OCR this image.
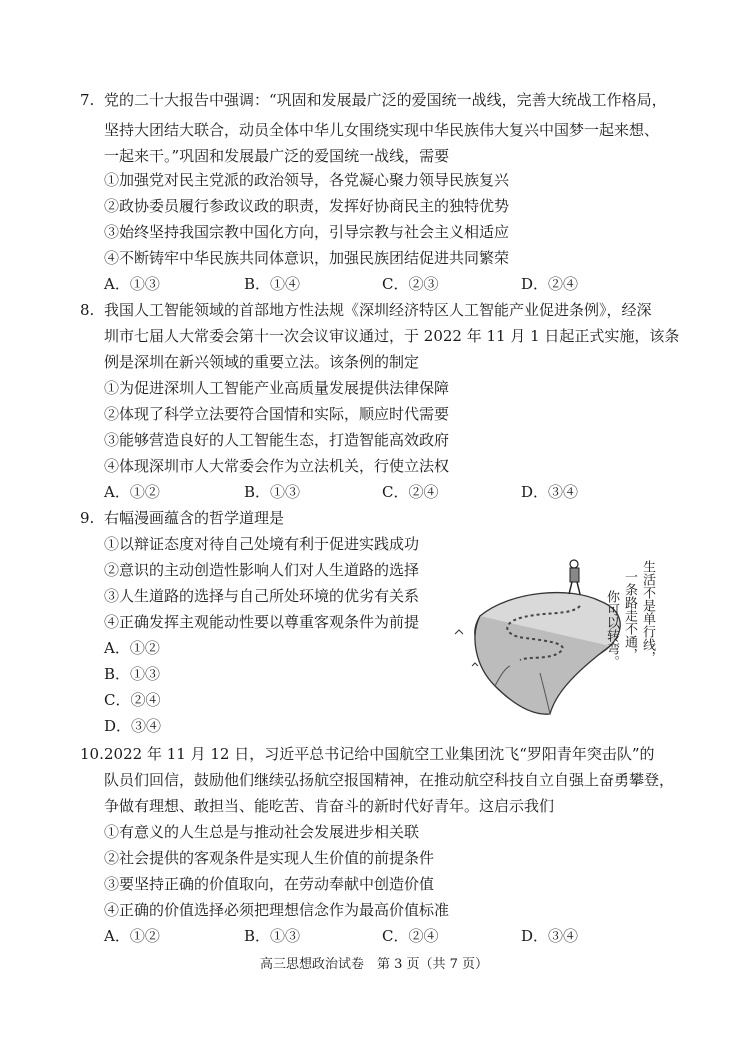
7. 党的二十大报告中强调：“巩固和发展最广泛的爱国统一战线，完善大统战工作格局，
坚持大团结大联合，动员全体中华儿女围绕实现中华民族伟大复兴中国梦一起来想、
一起来干。”巩固和发展最广泛的爱国统一战线，需要
①加强党对民主党派的政治领导，各党凝心聚力领导民族复兴
②政协委员履行参政议政的职责，发挥好协商民主的独特优势
③始终坚持我国宗教中国化方向，引导宗教与社会主义相适应
④不断铸牢中华民族共同体意识，加强民族团结促进共同繁荣
A．①③	B．①④	C．②③	D．②④
8. 我国人工智能领域的首部地方性法规《深圳经济特区人工智能产业促进条例》，经深
圳市七届人大常委会第十一次会议审议通过，于 2022 年 11 月 1 日起正式实施，该条
例是深圳在新兴领域的重要立法。该条例的制定
①为促进深圳人工智能产业高质量发展提供法律保障
②体现了科学立法要符合国情和实际，顺应时代需要
③能够营造良好的人工智能生态，打造智能高效政府
④体现深圳市人大常委会作为立法机关，行使立法权
A．①②	B．①③	C．②④	D．③④
9. 右幅漫画蕴含的哲学道理是
①以辩证态度对待自己处境有利于促进实践成功
②意识的主动创造性影响人们对人生道路的选择
③人生道路的选择与自己所处环境的优劣有关系
④正确发挥主观能动性要以尊重客观条件为前提
A．①②
B．①③
C．②④
D．③④
生活不是单行线，
一条路走不通，
你可以转弯。
10. 2022 年 11 月 12 日，习近平总书记给中国航空工业集团沈飞“罗阳青年突击队”的
队员们回信，鼓励他们继续弘扬航空报国精神，在推动航空科技自立自强上奋勇攀登，
争做有理想、敢担当、能吃苦、肯奋斗的新时代好青年。这启示我们
①有意义的人生总是与推动社会发展进步相关联
②社会提供的客观条件是实现人生价值的前提条件
③要坚持正确的价值取向，在劳动奉献中创造价值
④正确的价值选择必须把理想信念作为最高价值标准
A．①②	B．①③	C．②④	D．③④
高三思想政治试卷　第 3 页（共 7 页）
